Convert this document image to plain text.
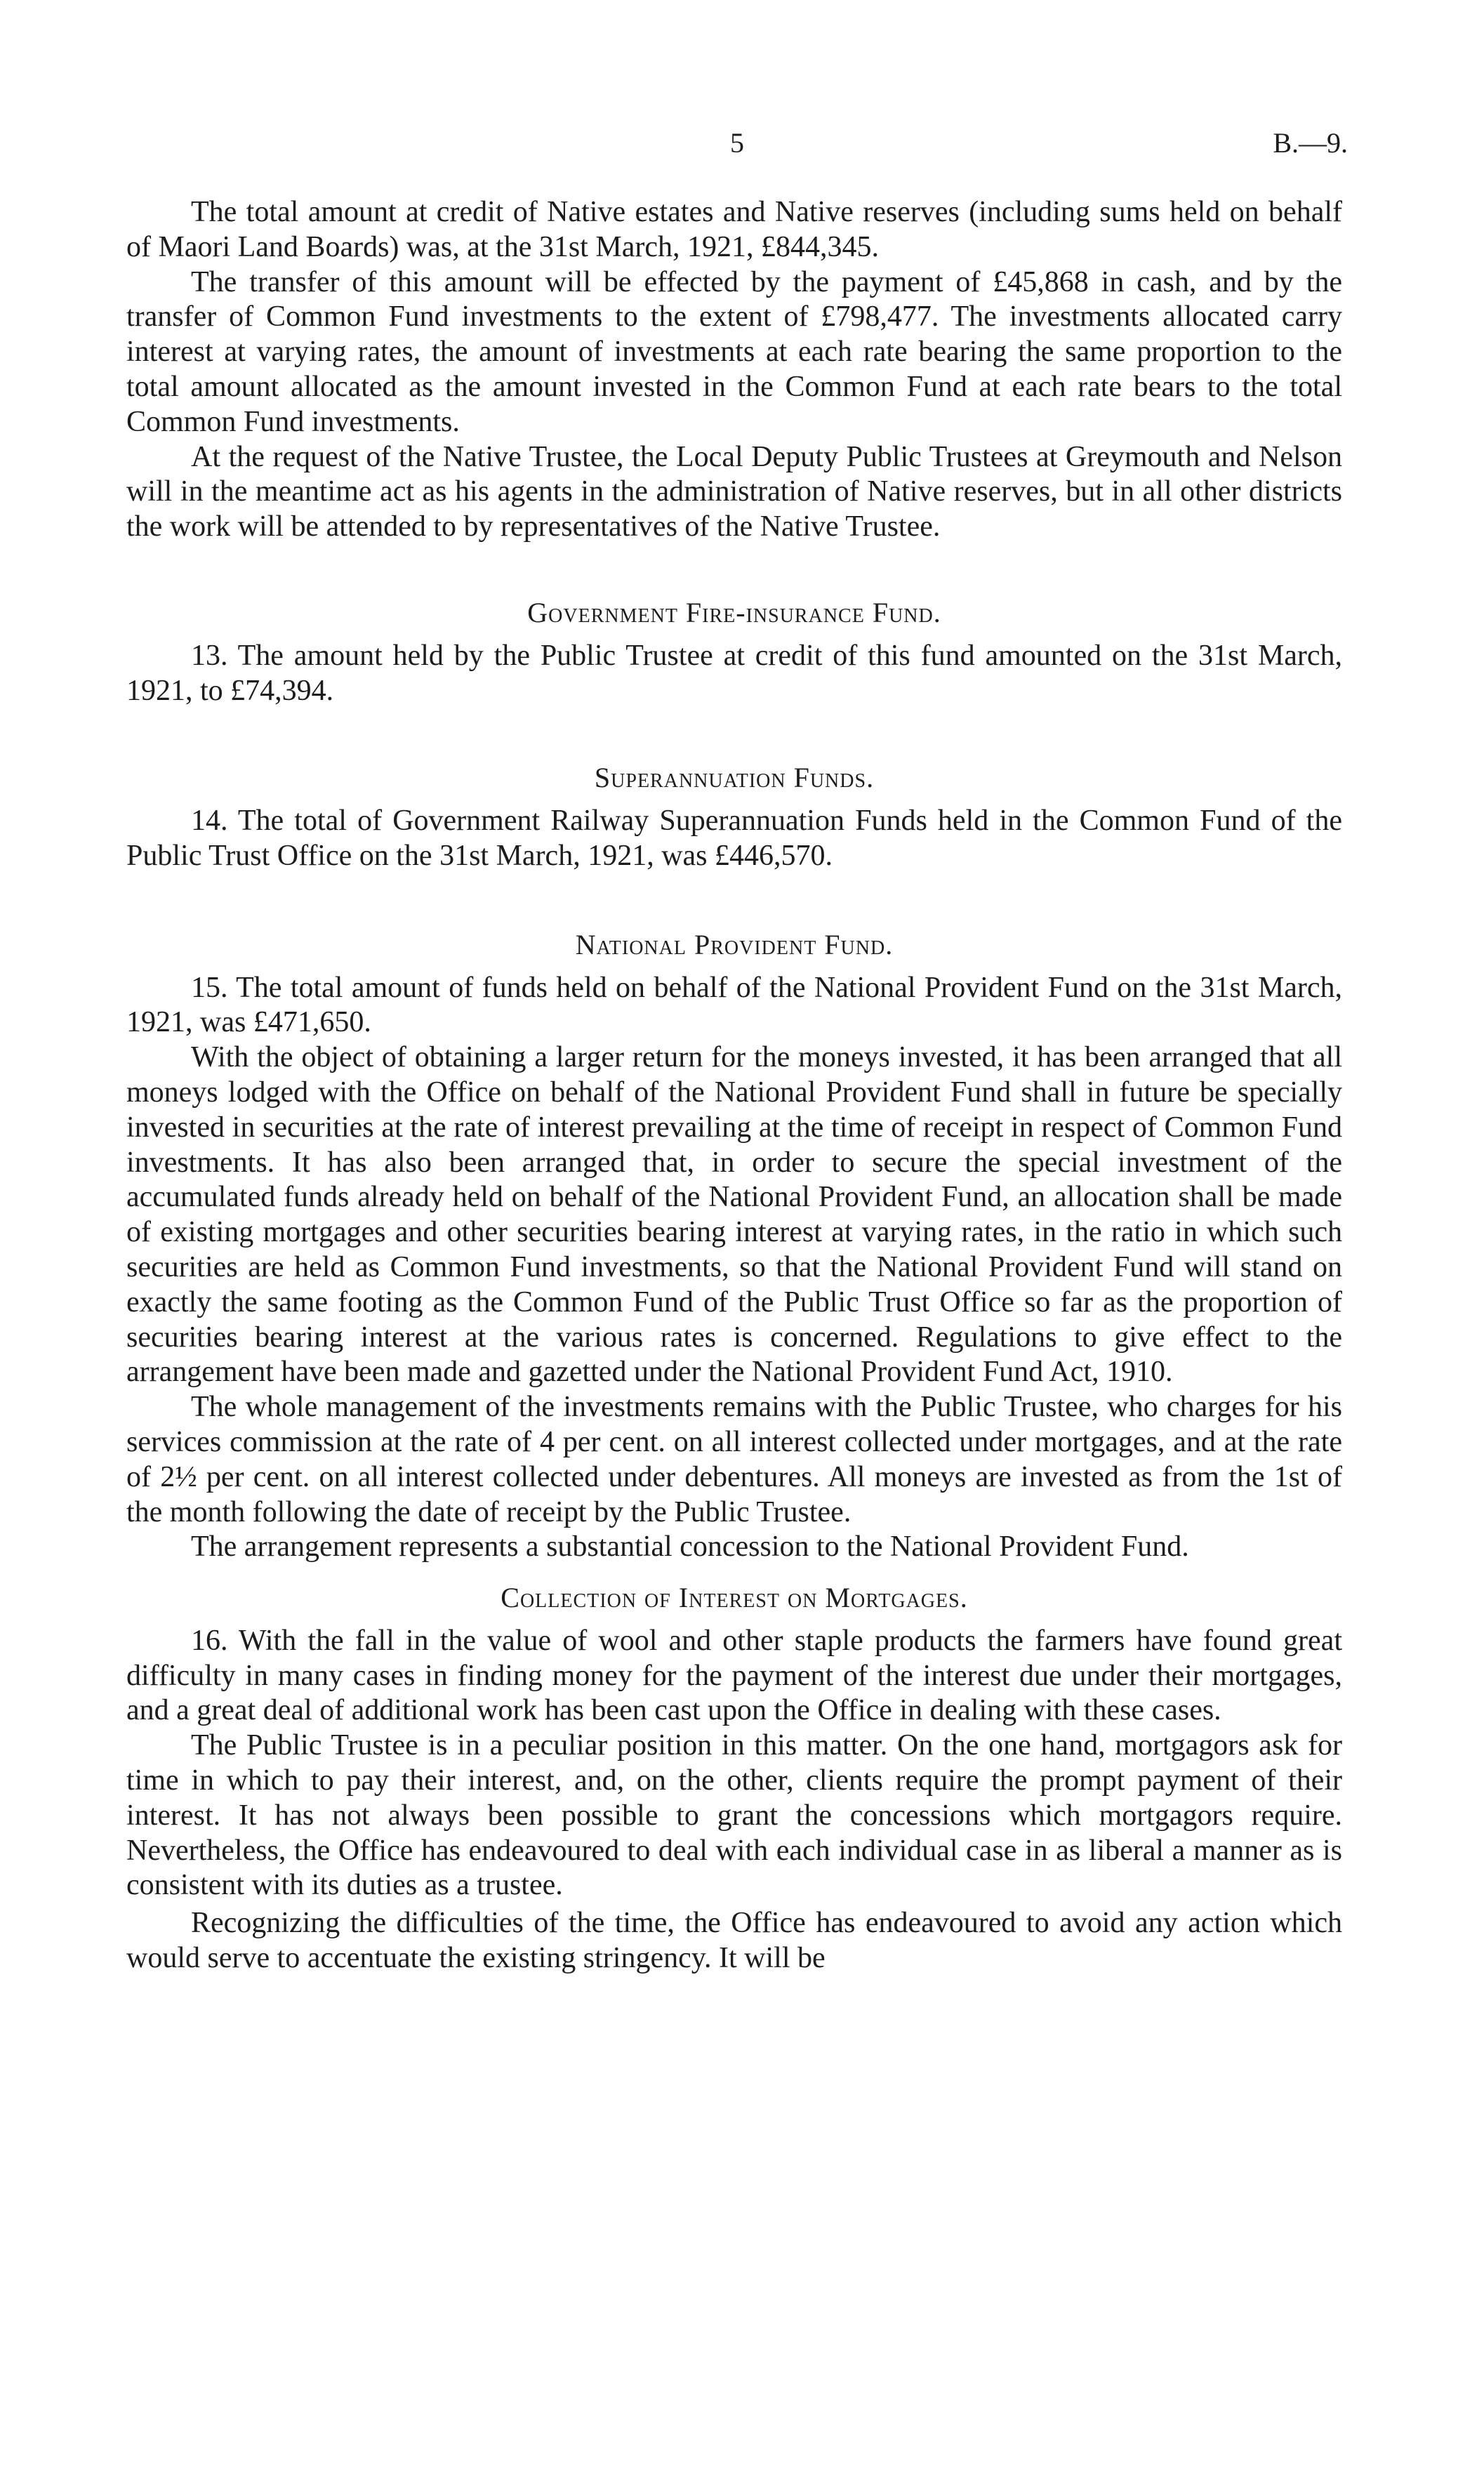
5	B.—9.

The total amount at credit of Native estates and Native reserves (including sums held on behalf of Maori Land Boards) was, at the 31st March, 1921, £844,345.

The transfer of this amount will be effected by the payment of £45,868 in cash, and by the transfer of Common Fund investments to the extent of £798,477. The investments allocated carry interest at varying rates, the amount of investments at each rate bearing the same proportion to the total amount allocated as the amount invested in the Common Fund at each rate bears to the total Common Fund investments.

At the request of the Native Trustee, the Local Deputy Public Trustees at Greymouth and Nelson will in the meantime act as his agents in the administration of Native reserves, but in all other districts the work will be attended to by representatives of the Native Trustee.

Government Fire-insurance Fund.

13. The amount held by the Public Trustee at credit of this fund amounted on the 31st March, 1921, to £74,394.

Superannuation Funds.

14. The total of Government Railway Superannuation Funds held in the Common Fund of the Public Trust Office on the 31st March, 1921, was £446,570.

National Provident Fund.

15. The total amount of funds held on behalf of the National Provident Fund on the 31st March, 1921, was £471,650.

With the object of obtaining a larger return for the moneys invested, it has been arranged that all moneys lodged with the Office on behalf of the National Provident Fund shall in future be specially invested in securities at the rate of interest prevailing at the time of receipt in respect of Common Fund investments. It has also been arranged that, in order to secure the special investment of the accumulated funds already held on behalf of the National Provident Fund, an allocation shall be made of existing mortgages and other securities bearing interest at varying rates, in the ratio in which such securities are held as Common Fund investments, so that the National Provident Fund will stand on exactly the same footing as the Common Fund of the Public Trust Office so far as the proportion of securities bearing interest at the various rates is concerned. Regulations to give effect to the arrangement have been made and gazetted under the National Provident Fund Act, 1910.

The whole management of the investments remains with the Public Trustee, who charges for his services commission at the rate of 4 per cent. on all interest collected under mortgages, and at the rate of 2½ per cent. on all interest collected under debentures. All moneys are invested as from the 1st of the month following the date of receipt by the Public Trustee.

The arrangement represents a substantial concession to the National Provident Fund.

Collection of Interest on Mortgages.

16. With the fall in the value of wool and other staple products the farmers have found great difficulty in many cases in finding money for the payment of the interest due under their mortgages, and a great deal of additional work has been cast upon the Office in dealing with these cases.

The Public Trustee is in a peculiar position in this matter. On the one hand, mortgagors ask for time in which to pay their interest, and, on the other, clients require the prompt payment of their interest. It has not always been possible to grant the concessions which mortgagors require. Nevertheless, the Office has endeavoured to deal with each individual case in as liberal a manner as is consistent with its duties as a trustee.

Recognizing the difficulties of the time, the Office has endeavoured to avoid any action which would serve to accentuate the existing stringency. It will be
